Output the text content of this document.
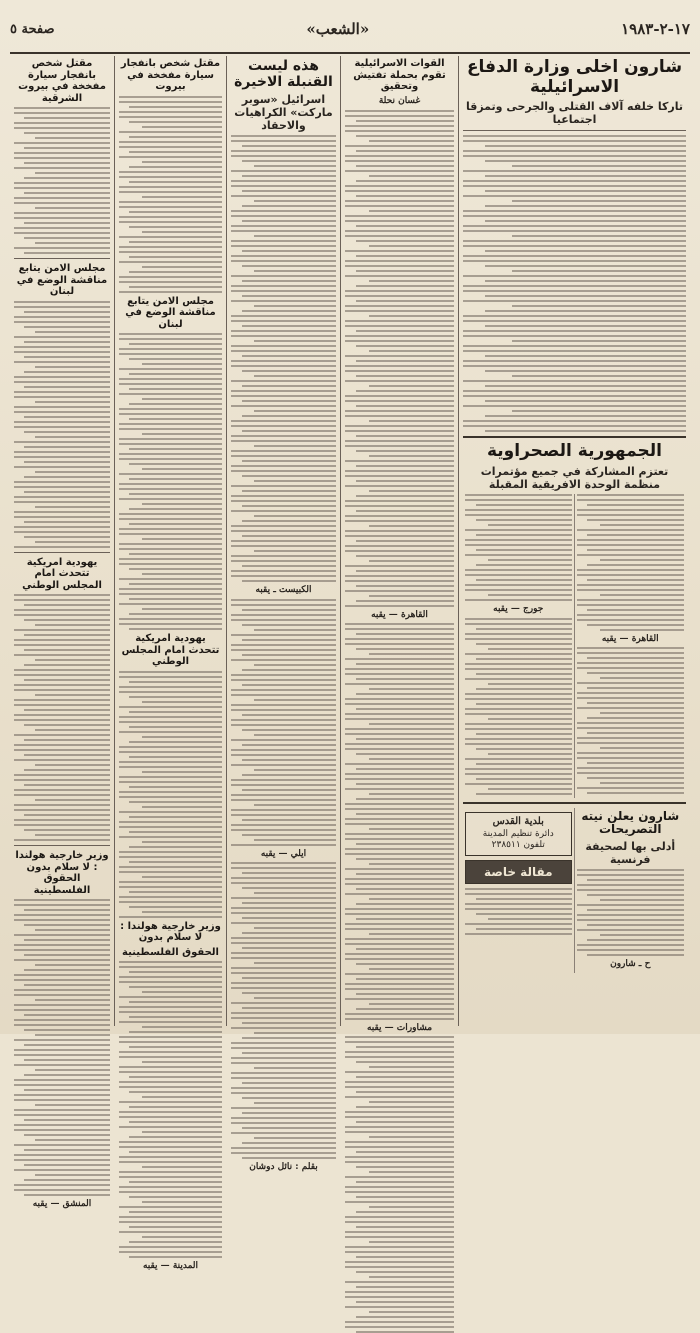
١٧-٢-١٩٨٣
«الشعب»
صفحة ٥
شارون اخلى وزارة الدفاع الاسرائيلية
تاركا خلفه آلاف القتلى والجرحى وتمزقا اجتماعيا
الجمهورية الصحراوية
تعتزم المشاركة في جميع مؤتمرات منظمة الوحدة الافريقية المقبلة
القاهرة — يقبه
جورج — يقبه
شارون يعلن نيته التصريحات
أدلى بها لصحيفة فرنسية
ح ـ شارون
بلدية القدس
دائرة تنظيم المدينة
تلفون ٢٣٨٥١١
مقالة خاصة
القوات الاسرائيلية تقوم بحملة تفتيش وتحقيق
غسان نحلة
القاهرة — يقبه
مشاورات — يقبه
هذه ليست القنبلة الاخيرة
اسرائيل «سوبر ماركت» الكراهيات والاحقاد
الكبيست ـ يقبه
ايلي — يقبه
بقلم : نائل دوشان
مقتل شخص بانفجار سيارة مفخخة في بيروت
مجلس الامن يتابع مناقشة الوضع في لبنان
يهودية امريكية تتحدث امام المجلس الوطني
وزير خارجية هولندا : لا سلام بدون
الحقوق الفلسطينية
المدينة — يقبه
مقتل شخص بانفجار سيارة مفخخة في بيروت الشرقية
مجلس الامن يتابع مناقشة الوضع في لبنان
يهودية امريكية تتحدث امام المجلس الوطني
وزير خارجية هولندا : لا سلام بدون الحقوق الفلسطينية
المنشق — يقبه
